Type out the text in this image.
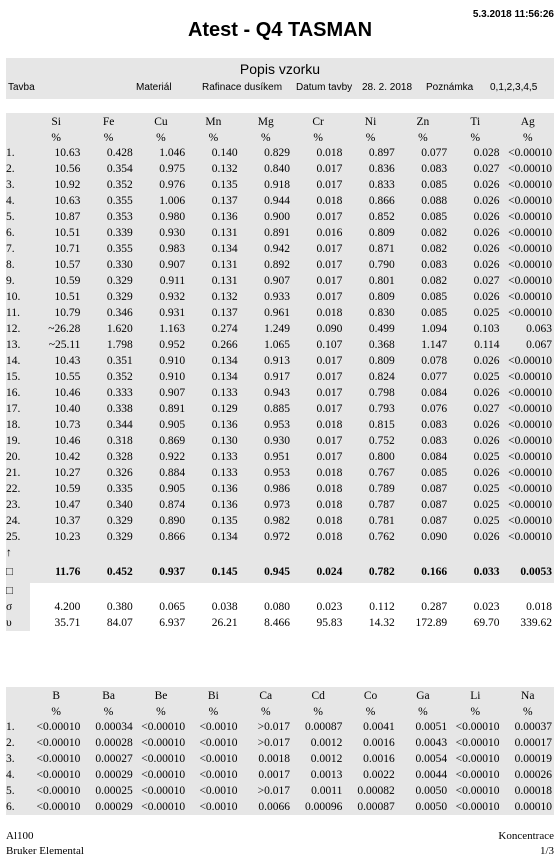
5.3.2018 11:56:26
Atest - Q4 TASMAN
Popis vzorku
Tavba	Materiál	Rafinace dusíkem Datum tavby 28. 2. 2018 Poznámka 0,1,2,3,4,5
	Si	Fe	Cu	Mn	Mg	Cr	Ni	Zn	Ti	Ag
	%	%	%	%	%	%	%	%	%	%
1.	10.63	0.428	1.046	0.140	0.829	0.018	0.897	0.077	0.028	<0.00010
2.	10.56	0.354	0.975	0.132	0.840	0.017	0.836	0.083	0.027	<0.00010
3.	10.92	0.352	0.976	0.135	0.918	0.017	0.833	0.085	0.026	<0.00010
4.	10.63	0.355	1.006	0.137	0.944	0.018	0.866	0.088	0.026	<0.00010
5.	10.87	0.353	0.980	0.136	0.900	0.017	0.852	0.085	0.026	<0.00010
6.	10.51	0.339	0.930	0.131	0.891	0.016	0.809	0.082	0.026	<0.00010
7.	10.71	0.355	0.983	0.134	0.942	0.017	0.871	0.082	0.026	<0.00010
8.	10.57	0.330	0.907	0.131	0.892	0.017	0.790	0.083	0.026	<0.00010
9.	10.59	0.329	0.911	0.131	0.907	0.017	0.801	0.082	0.027	<0.00010
10.	10.51	0.329	0.932	0.132	0.933	0.017	0.809	0.085	0.026	<0.00010
11.	10.79	0.346	0.931	0.137	0.961	0.018	0.830	0.085	0.025	<0.00010
12.	~26.28	1.620	1.163	0.274	1.249	0.090	0.499	1.094	0.103	0.063
13.	~25.11	1.798	0.952	0.266	1.065	0.107	0.368	1.147	0.114	0.067
14.	10.43	0.351	0.910	0.134	0.913	0.017	0.809	0.078	0.026	<0.00010
15.	10.55	0.352	0.910	0.134	0.917	0.017	0.824	0.077	0.025	<0.00010
16.	10.46	0.333	0.907	0.133	0.943	0.017	0.798	0.084	0.026	<0.00010
17.	10.40	0.338	0.891	0.129	0.885	0.017	0.793	0.076	0.027	<0.00010
18.	10.73	0.344	0.905	0.136	0.953	0.018	0.815	0.083	0.026	<0.00010
19.	10.46	0.318	0.869	0.130	0.930	0.017	0.752	0.083	0.026	<0.00010
20.	10.42	0.328	0.922	0.133	0.951	0.017	0.800	0.084	0.025	<0.00010
21.	10.27	0.326	0.884	0.133	0.953	0.018	0.767	0.085	0.026	<0.00010
22.	10.59	0.335	0.905	0.136	0.986	0.018	0.789	0.087	0.025	<0.00010
23.	10.47	0.340	0.874	0.136	0.973	0.018	0.787	0.087	0.025	<0.00010
24.	10.37	0.329	0.890	0.135	0.982	0.018	0.781	0.087	0.025	<0.00010
25.	10.23	0.329	0.866	0.134	0.972	0.018	0.762	0.090	0.026	<0.00010
↑										
□	11.76	0.452	0.937	0.145	0.945	0.024	0.782	0.166	0.033	0.0053
□										
σ	4.200	0.380	0.065	0.038	0.080	0.023	0.112	0.287	0.023	0.018
υ	35.71	84.07	6.937	26.21	8.466	95.83	14.32	172.89	69.70	339.62
	B	Ba	Be	Bi	Ca	Cd	Co	Ga	Li	Na
	%	%	%	%	%	%	%	%	%	%
1.	<0.00010	0.00034	<0.00010	<0.0010	>0.017	0.00087	0.0041	0.0051	<0.00010	0.00037
2.	<0.00010	0.00028	<0.00010	<0.0010	>0.017	0.0012	0.0016	0.0043	<0.00010	0.00017
3.	<0.00010	0.00027	<0.00010	<0.0010	0.0018	0.0012	0.0016	0.0054	<0.00010	0.00019
4.	<0.00010	0.00029	<0.00010	<0.0010	0.0017	0.0013	0.0022	0.0044	<0.00010	0.00026
5.	<0.00010	0.00025	<0.00010	<0.0010	>0.017	0.0011	0.00082	0.0050	<0.00010	0.00018
6.	<0.00010	0.00029	<0.00010	<0.0010	0.0066	0.00096	0.00087	0.0050	<0.00010	0.00010
Al100
Bruker Elemental
Koncentrace
1/3
